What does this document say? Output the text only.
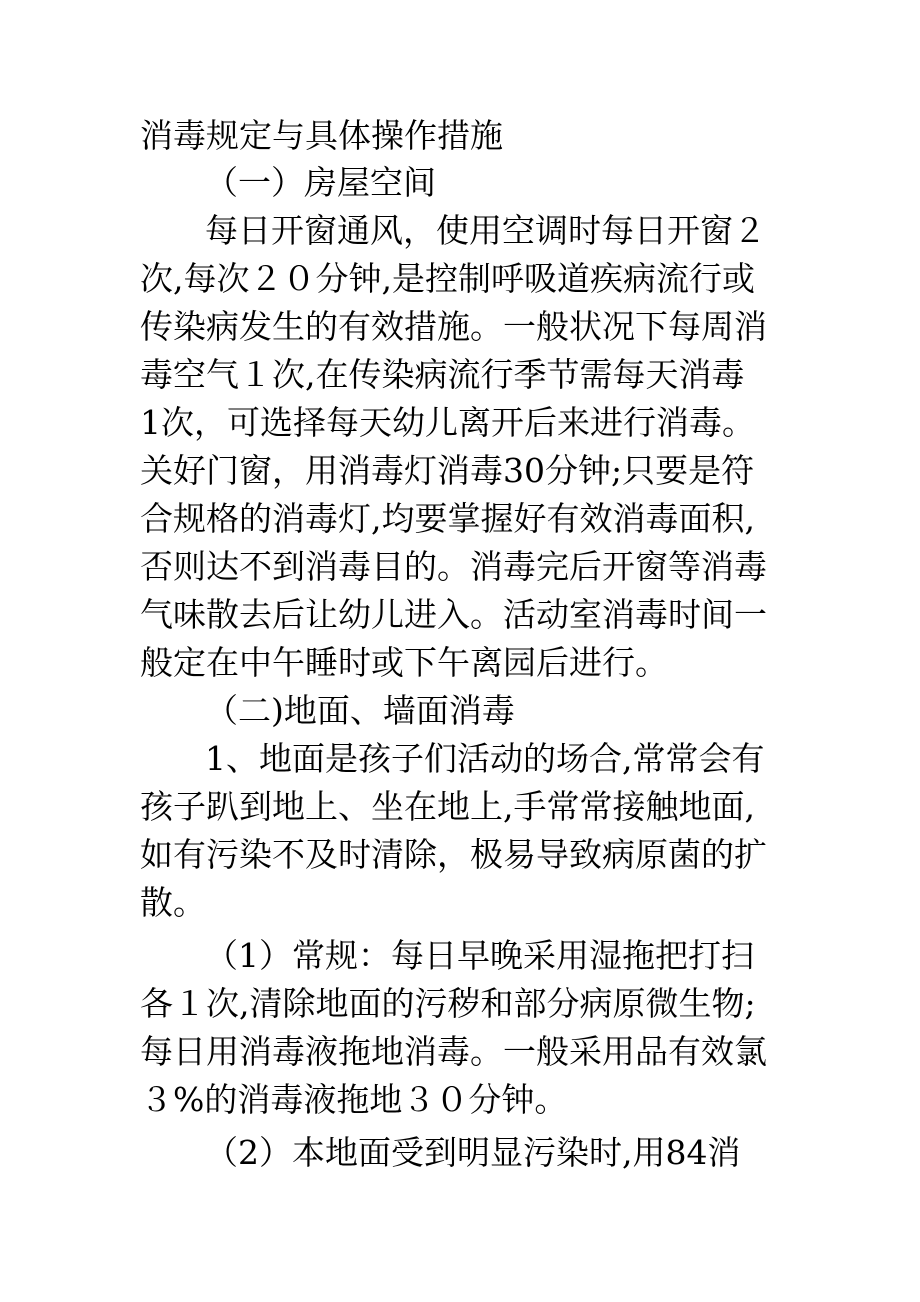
消毒规定与具体操作措施
（一）房屋空间
每日开窗通风，使用空调时每日开窗２
次,每次２０分钟,是控制呼吸道疾病流行或
传染病发生的有效措施。一般状况下每周消
毒空气１次,在传染病流行季节需每天消毒
1次，可选择每天幼儿离开后来进行消毒。
关好门窗，用消毒灯消毒30分钟;只要是符
合规格的消毒灯,均要掌握好有效消毒面积,
否则达不到消毒目的。消毒完后开窗等消毒
气味散去后让幼儿进入。活动室消毒时间一
般定在中午睡时或下午离园后进行。
（二)地面、墙面消毒
1、地面是孩子们活动的场合,常常会有
孩子趴到地上、坐在地上,手常常接触地面,
如有污染不及时清除，极易导致病原菌的扩
散。
（1）常规：每日早晚采用湿拖把打扫
各１次,清除地面的污秽和部分病原微生物;
每日用消毒液拖地消毒。一般采用品有效氯
３%的消毒液拖地３０分钟。
（2）本地面受到明显污染时,用84消
